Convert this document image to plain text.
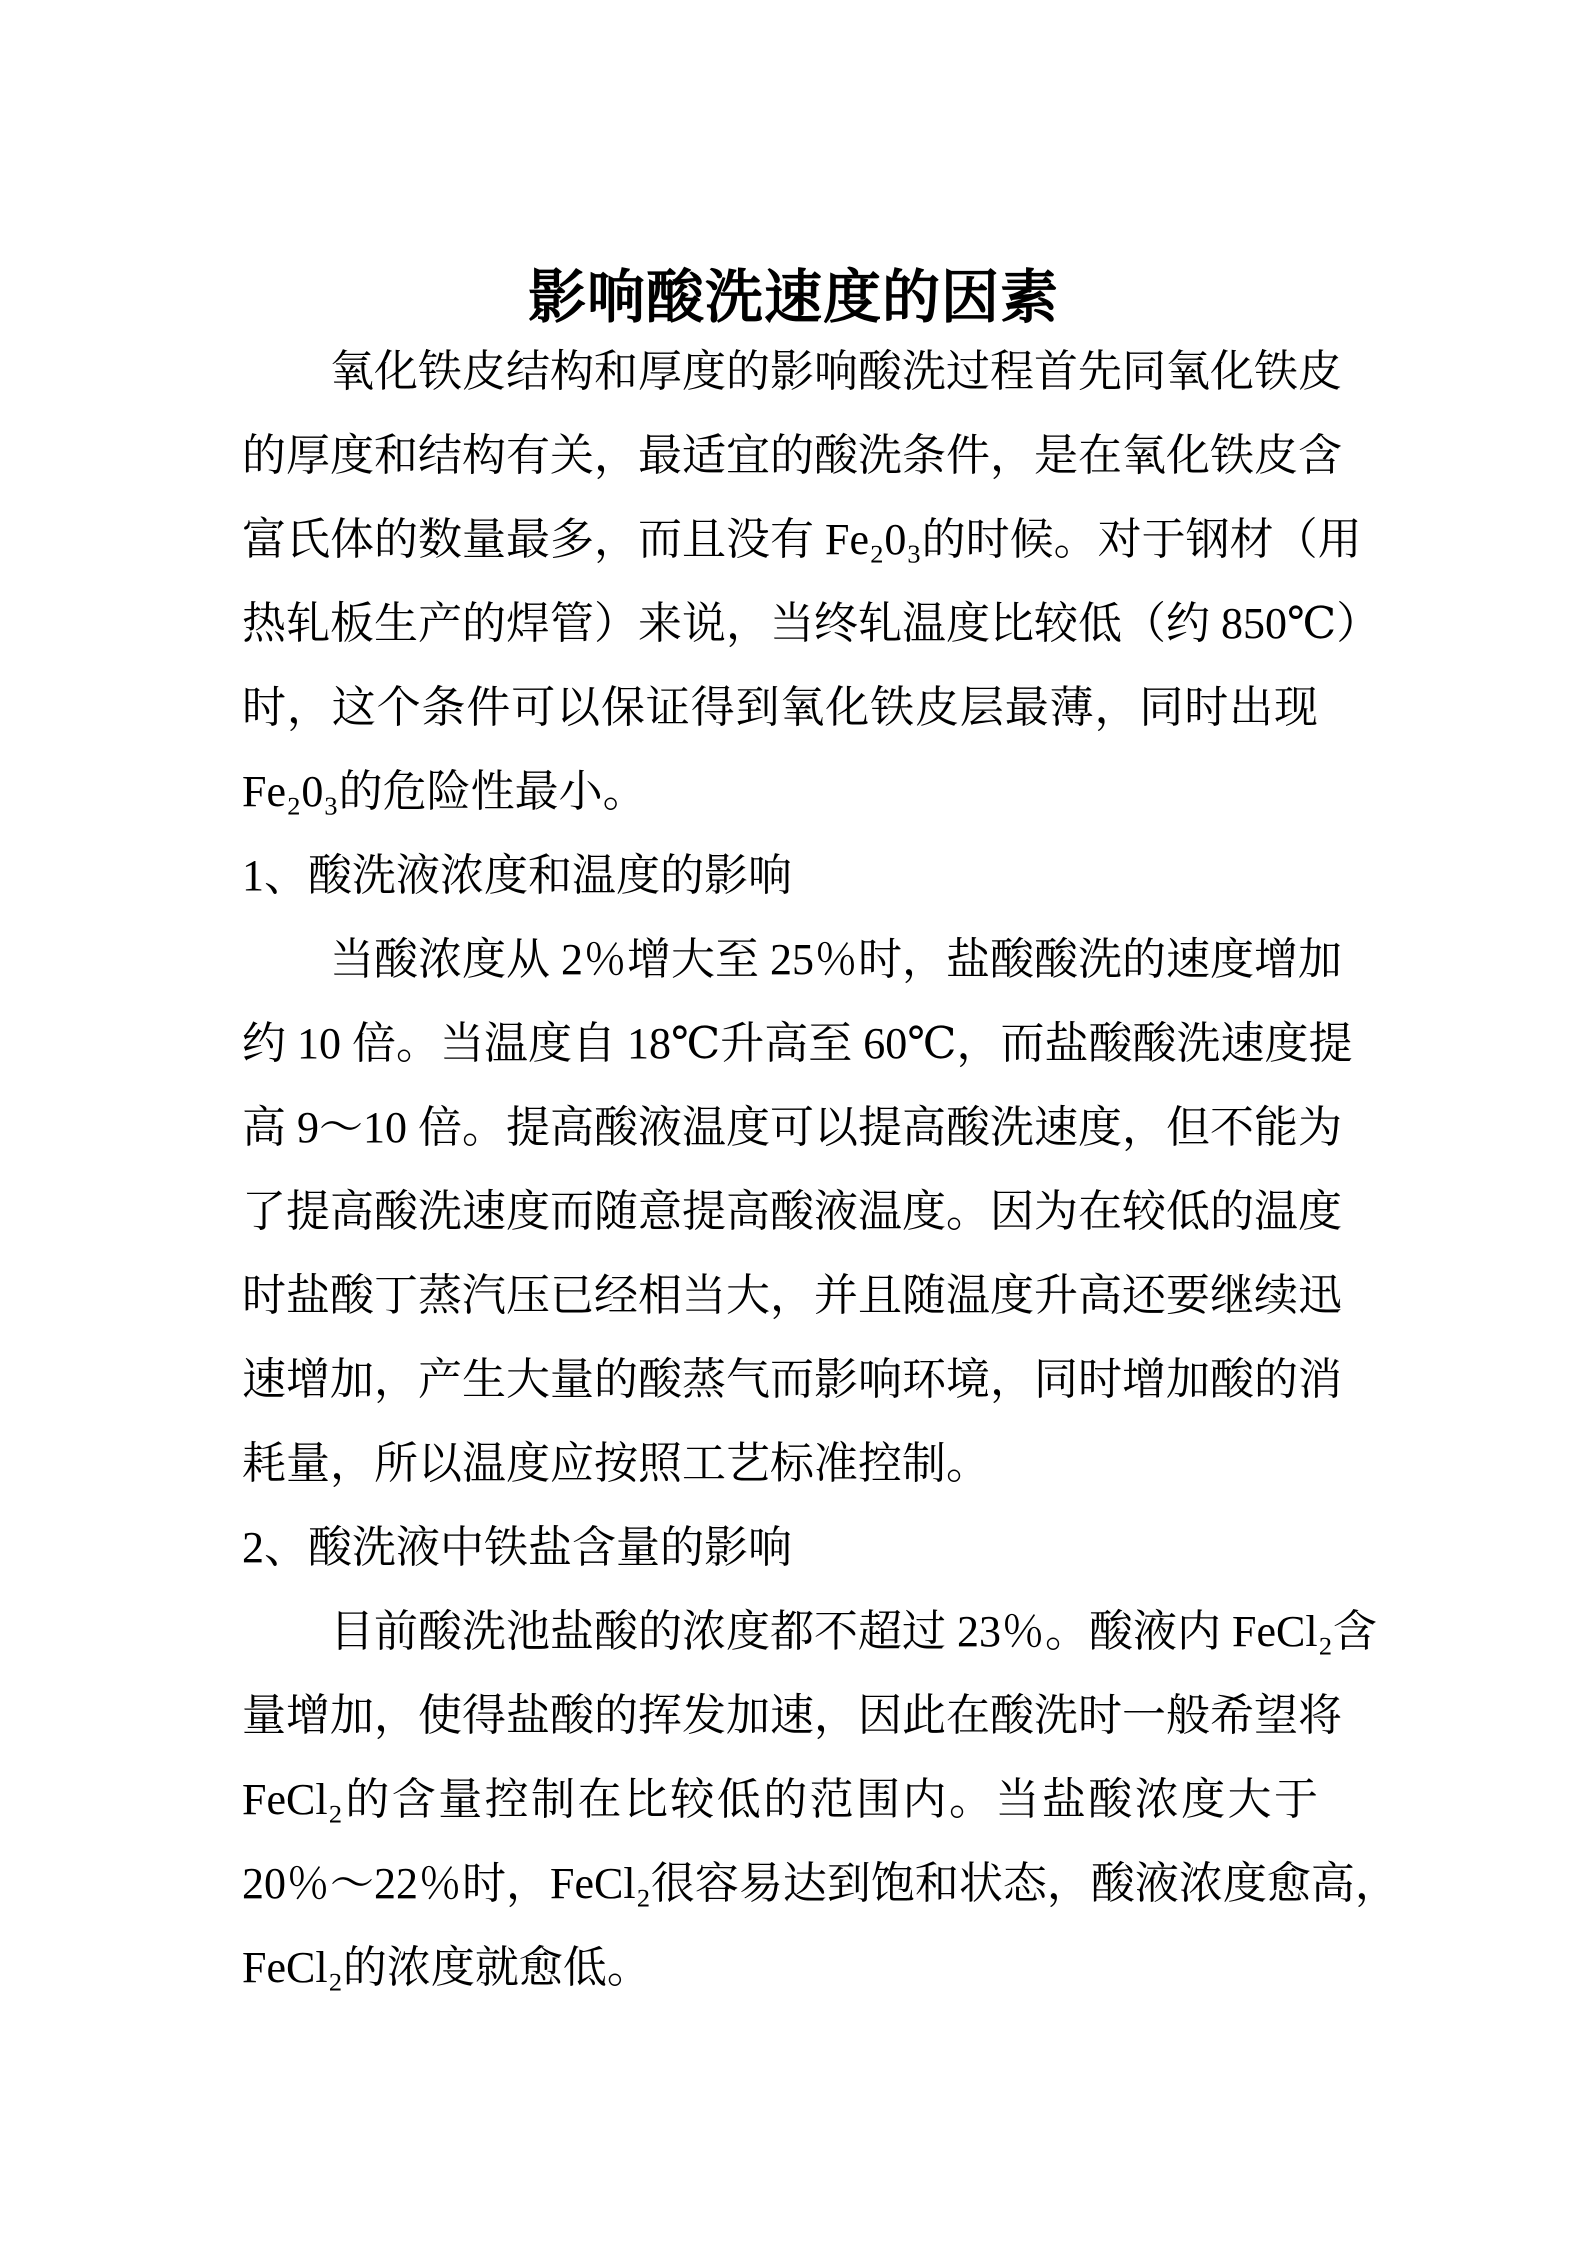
影响酸洗速度的因素
氧化铁皮结构和厚度的影响酸洗过程首先同氧化铁皮
的厚度和结构有关，最适宜的酸洗条件，是在氧化铁皮含
富氏体的数量最多，而且没有 Fe₂0₃的时候。对于钢材（用
热轧板生产的焊管）来说，当终轧温度比较低（约 850℃）
时，这个条件可以保证得到氧化铁皮层最薄，同时出现
Fe₂0₃的危险性最小。
1、酸洗液浓度和温度的影响
当酸浓度从 2％增大至 25％时，盐酸酸洗的速度增加
约 10 倍。当温度自 18℃升高至 60℃，而盐酸酸洗速度提
高 9～10 倍。提高酸液温度可以提高酸洗速度，但不能为
了提高酸洗速度而随意提高酸液温度。因为在较低的温度
时盐酸丁蒸汽压已经相当大，并且随温度升高还要继续迅
速增加，产生大量的酸蒸气而影响环境，同时增加酸的消
耗量，所以温度应按照工艺标准控制。
2、酸洗液中铁盐含量的影响
目前酸洗池盐酸的浓度都不超过 23％。酸液内 FeCl₂含
量增加，使得盐酸的挥发加速，因此在酸洗时一般希望将
FeCl₂的含量控制在比较低的范围内。当盐酸浓度大于
20％～22％时，FeCl₂很容易达到饱和状态，酸液浓度愈高，
FeCl₂的浓度就愈低。
